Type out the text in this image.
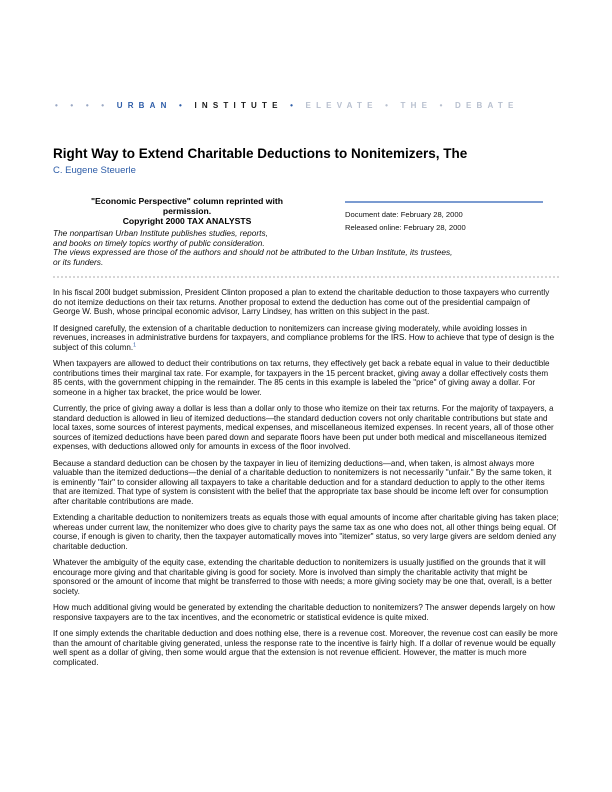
• • • • URBAN • INSTITUTE • ELEVATE • THE • DEBATE
Right Way to Extend Charitable Deductions to Nonitemizers, The
C. Eugene Steuerle
"Economic Perspective" column reprinted with
permission.
Copyright 2000 TAX ANALYSTS
Document date: February 28, 2000
Released online: February 28, 2000
The nonpartisan Urban Institute publishes studies, reports,
and books on timely topics worthy of public consideration.
The views expressed are those of the authors and should not be attributed to the Urban Institute, its trustees,
or its funders.

In his fiscal 200l budget submission, President Clinton proposed a plan to extend the charitable deduction to those taxpayers who currently do not itemize deductions on their tax returns. Another proposal to extend the deduction has come out of the presidential campaign of George W. Bush, whose principal economic advisor, Larry Lindsey, has written on this subject in the past.

If designed carefully, the extension of a charitable deduction to nonitemizers can increase giving moderately, while avoiding losses in revenues, increases in administrative burdens for taxpayers, and compliance problems for the IRS. How to achieve that type of design is the subject of this column.$^1$

When taxpayers are allowed to deduct their contributions on tax returns, they effectively get back a rebate equal in value to their deductible contributions times their marginal tax rate. For example, for taxpayers in the 15 percent bracket, giving away a dollar effectively costs them 85 cents, with the government chipping in the remainder. The 85 cents in this example is labeled the "price" of giving away a dollar. For someone in a higher tax bracket, the price would be lower.

Currently, the price of giving away a dollar is less than a dollar only to those who itemize on their tax returns. For the majority of taxpayers, a standard deduction is allowed in lieu of itemized deductions—the standard deduction covers not only charitable contributions but state and local taxes, some sources of interest payments, medical expenses, and miscellaneous itemized expenses. In recent years, all of those other sources of itemized deductions have been pared down and separate floors have been put under both medical and miscellaneous itemized expenses, with deductions allowed only for amounts in excess of the floor involved.

Because a standard deduction can be chosen by the taxpayer in lieu of itemizing deductions—and, when taken, is almost always more valuable than the itemized deductions—the denial of a charitable deduction to nonitemizers is not necessarily "unfair." By the same token, it is eminently "fair" to consider allowing all taxpayers to take a charitable deduction and for a standard deduction to apply to the other items that are itemized. That type of system is consistent with the belief that the appropriate tax base should be income left over for consumption after charitable contributions are made.

Extending a charitable deduction to nonitemizers treats as equals those with equal amounts of income after charitable giving has taken place; whereas under current law, the nonitemizer who does give to charity pays the same tax as one who does not, all other things being equal. Of course, if enough is given to charity, then the taxpayer automatically moves into "itemizer" status, so very large givers are seldom denied any charitable deduction.

Whatever the ambiguity of the equity case, extending the charitable deduction to nonitemizers is usually justified on the grounds that it will encourage more giving and that charitable giving is good for society. More is involved than simply the charitable activity that might be sponsored or the amount of income that might be transferred to those with needs; a more giving society may be one that, overall, is a better society.

How much additional giving would be generated by extending the charitable deduction to nonitemizers? The answer depends largely on how responsive taxpayers are to the tax incentives, and the econometric or statistical evidence is quite mixed.

If one simply extends the charitable deduction and does nothing else, there is a revenue cost. Moreover, the revenue cost can easily be more than the amount of charitable giving generated, unless the response rate to the incentive is fairly high. If a dollar of revenue would be equally well spent as a dollar of giving, then some would argue that the extension is not revenue efficient. However, the matter is much more complicated.
